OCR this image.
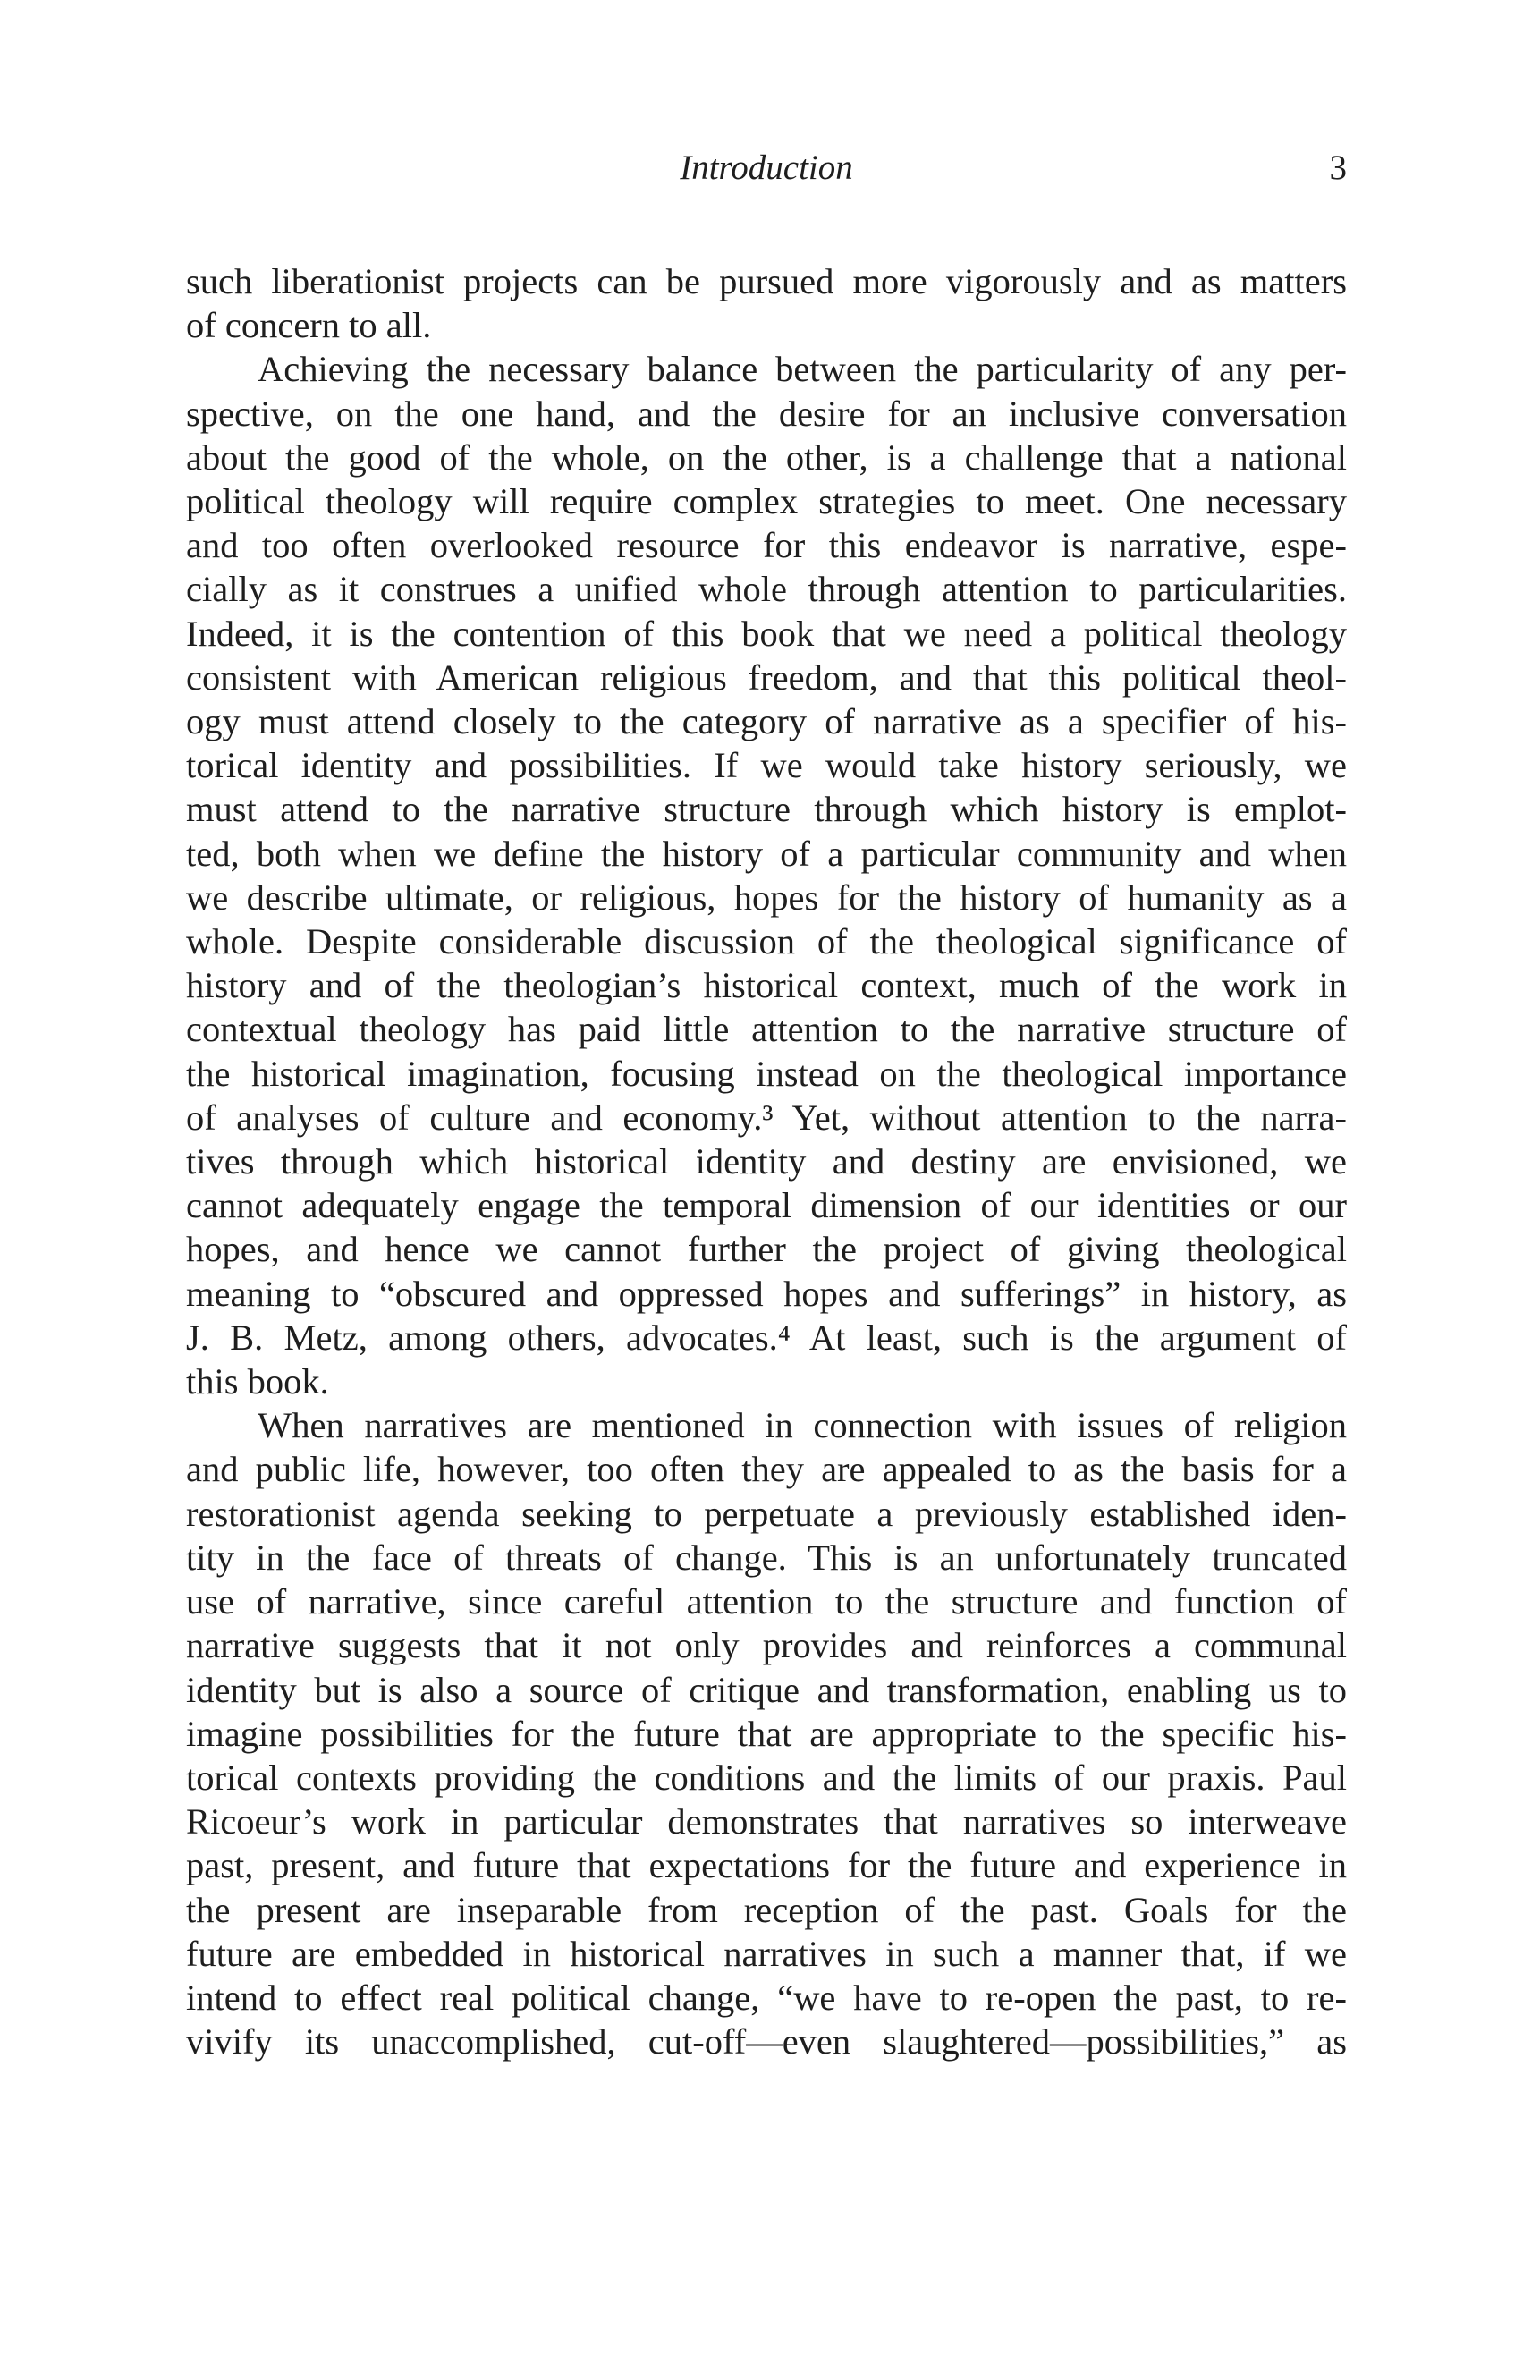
Introduction	3
such liberationist projects can be pursued more vigorously and as matters
of concern to all.
Achieving the necessary balance between the particularity of any per-
spective, on the one hand, and the desire for an inclusive conversation
about the good of the whole, on the other, is a challenge that a national
political theology will require complex strategies to meet. One necessary
and too often overlooked resource for this endeavor is narrative, espe-
cially as it construes a unified whole through attention to particularities.
Indeed, it is the contention of this book that we need a political theology
consistent with American religious freedom, and that this political theol-
ogy must attend closely to the category of narrative as a specifier of his-
torical identity and possibilities. If we would take history seriously, we
must attend to the narrative structure through which history is emplot-
ted, both when we define the history of a particular community and when
we describe ultimate, or religious, hopes for the history of humanity as a
whole. Despite considerable discussion of the theological significance of
history and of the theologian’s historical context, much of the work in
contextual theology has paid little attention to the narrative structure of
the historical imagination, focusing instead on the theological importance
of analyses of culture and economy.³ Yet, without attention to the narra-
tives through which historical identity and destiny are envisioned, we
cannot adequately engage the temporal dimension of our identities or our
hopes, and hence we cannot further the project of giving theological
meaning to “obscured and oppressed hopes and sufferings” in history, as
J. B. Metz, among others, advocates.⁴ At least, such is the argument of
this book.
When narratives are mentioned in connection with issues of religion
and public life, however, too often they are appealed to as the basis for a
restorationist agenda seeking to perpetuate a previously established iden-
tity in the face of threats of change. This is an unfortunately truncated
use of narrative, since careful attention to the structure and function of
narrative suggests that it not only provides and reinforces a communal
identity but is also a source of critique and transformation, enabling us to
imagine possibilities for the future that are appropriate to the specific his-
torical contexts providing the conditions and the limits of our praxis. Paul
Ricoeur’s work in particular demonstrates that narratives so interweave
past, present, and future that expectations for the future and experience in
the present are inseparable from reception of the past. Goals for the
future are embedded in historical narratives in such a manner that, if we
intend to effect real political change, “we have to re-open the past, to re-
vivify its unaccomplished, cut-off—even slaughtered—possibilities,” as
